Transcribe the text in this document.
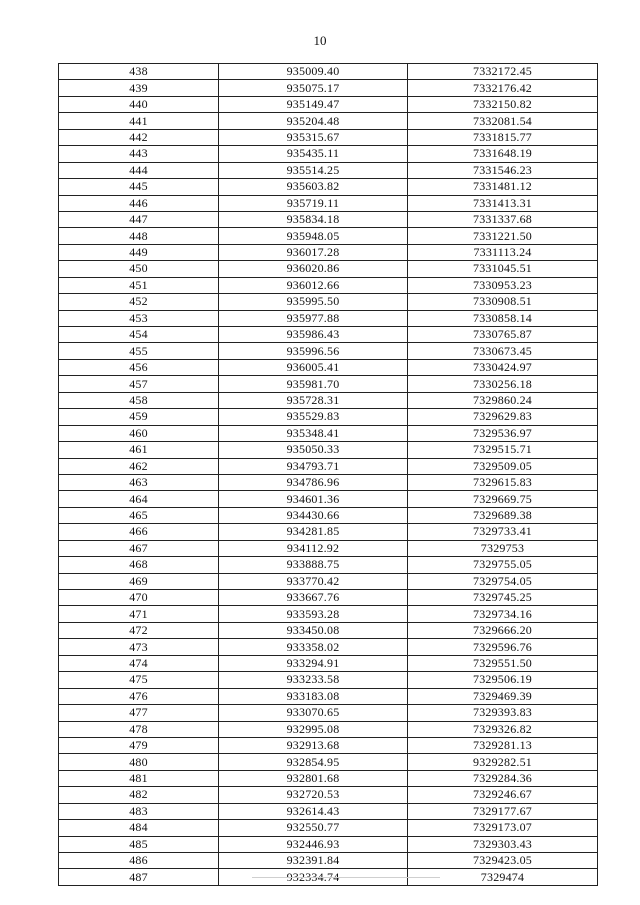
10
438	935009.40	7332172.45
439	935075.17	7332176.42
440	935149.47	7332150.82
441	935204.48	7332081.54
442	935315.67	7331815.77
443	935435.11	7331648.19
444	935514.25	7331546.23
445	935603.82	7331481.12
446	935719.11	7331413.31
447	935834.18	7331337.68
448	935948.05	7331221.50
449	936017.28	7331113.24
450	936020.86	7331045.51
451	936012.66	7330953.23
452	935995.50	7330908.51
453	935977.88	7330858.14
454	935986.43	7330765.87
455	935996.56	7330673.45
456	936005.41	7330424.97
457	935981.70	7330256.18
458	935728.31	7329860.24
459	935529.83	7329629.83
460	935348.41	7329536.97
461	935050.33	7329515.71
462	934793.71	7329509.05
463	934786.96	7329615.83
464	934601.36	7329669.75
465	934430.66	7329689.38
466	934281.85	7329733.41
467	934112.92	7329753
468	933888.75	7329755.05
469	933770.42	7329754.05
470	933667.76	7329745.25
471	933593.28	7329734.16
472	933450.08	7329666.20
473	933358.02	7329596.76
474	933294.91	7329551.50
475	933233.58	7329506.19
476	933183.08	7329469.39
477	933070.65	7329393.83
478	932995.08	7329326.82
479	932913.68	7329281.13
480	932854.95	9329282.51
481	932801.68	7329284.36
482	932720.53	7329246.67
483	932614.43	7329177.67
484	932550.77	7329173.07
485	932446.93	7329303.43
486	932391.84	7329423.05
487	932334.74	7329474
